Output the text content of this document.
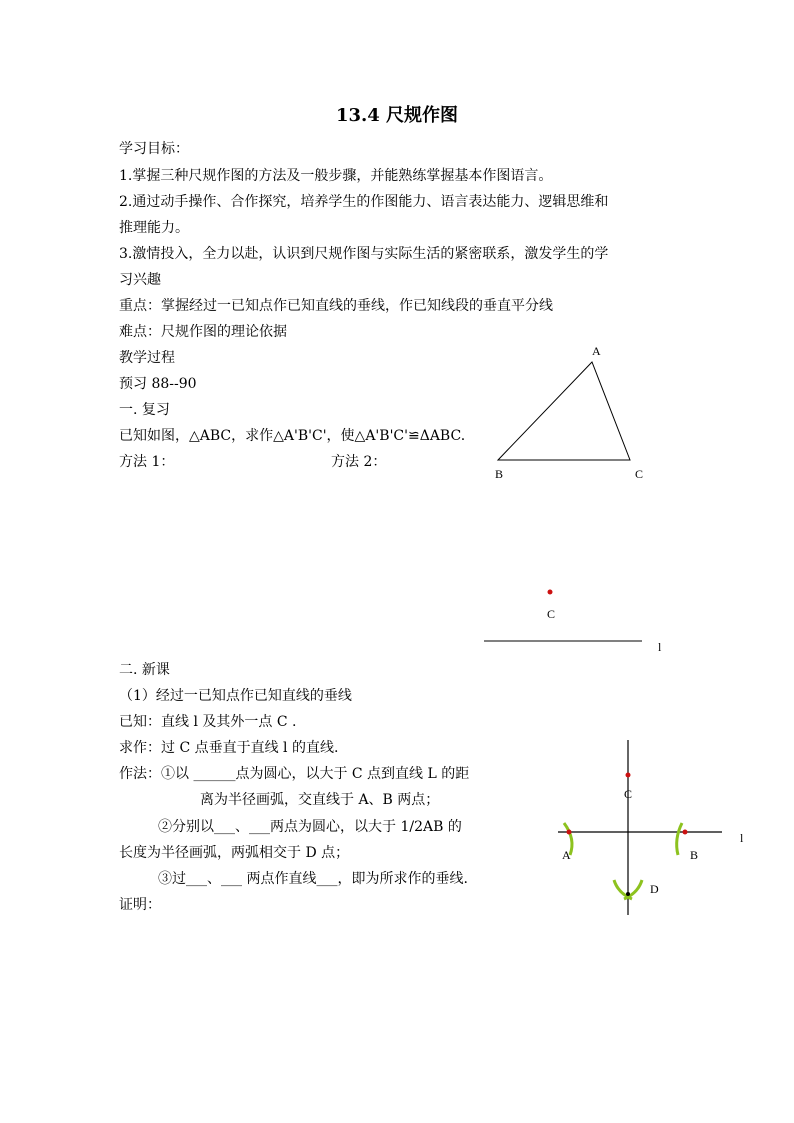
13.4 尺规作图
学习目标：
1.掌握三种尺规作图的方法及一般步骤，并能熟练掌握基本作图语言。
2.通过动手操作、合作探究，培养学生的作图能力、语言表达能力、逻辑思维和
推理能力。
3.激情投入，全力以赴，认识到尺规作图与实际生活的紧密联系，激发学生的学
习兴趣
重点：掌握经过一已知点作已知直线的垂线，作已知线段的垂直平分线
难点：尺规作图的理论依据
教学过程
预习 88--90
一. 复习
已知如图，△ABC，求作△A'B'C'，使△A'B'C'≌ΔABC.
方法 1：	方法 2：
A
B	C
C
l
二. 新课
（1）经过一已知点作已知直线的垂线
已知：直线 l 及其外一点 C .
求作：过 C 点垂直于直线 l 的直线.
作法：①以 ______点为圆心，以大于 C 点到直线 L 的距
离为半径画弧，交直线于 A、B 两点；
②分别以___、___两点为圆心，以大于 1/2AB 的
长度为半径画弧，两弧相交于 D 点；
③过___、___ 两点作直线___，即为所求作的垂线.
证明：
C
A	B
D
l
